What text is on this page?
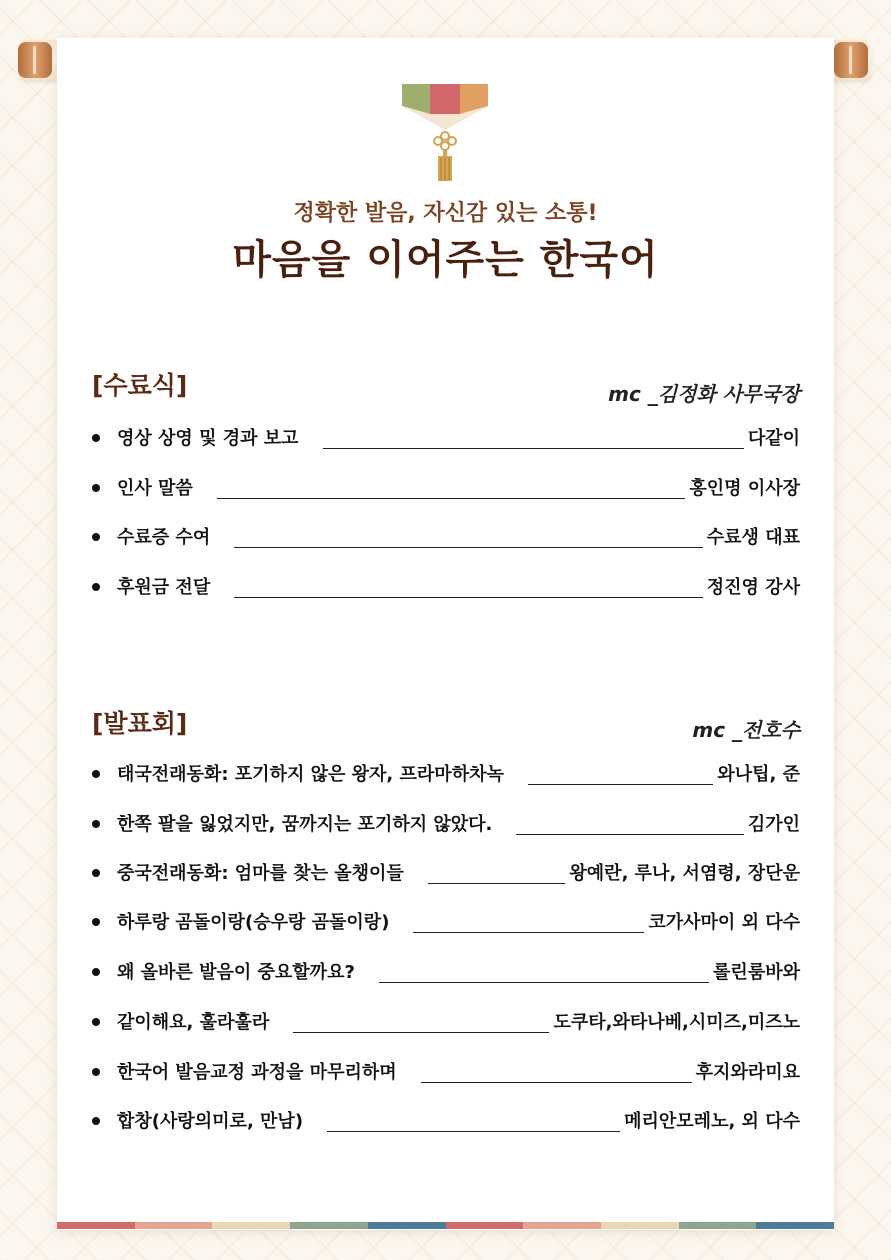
정확한 발음, 자신감 있는 소통!
마음을 이어주는 한국어
[수료식]	mc _김정화 사무국장
영상 상영 및 경과 보고	다같이
인사 말씀	홍인명 이사장
수료증 수여	수료생 대표
후원금 전달	정진영 강사
[발표회]	mc _전호수
태국전래동화: 포기하지 않은 왕자, 프라마하차녹	와나팁, 준
한쪽 팔을 잃었지만, 꿈까지는 포기하지 않았다.	김가인
중국전래동화: 엄마를 찾는 올챙이들	왕예란, 루나, 서염령, 장단운
하루랑 곰돌이랑(승우랑 곰돌이랑)	코가사마이 외 다수
왜 올바른 발음이 중요할까요?	롤린룸바와
같이해요, 훌라훌라	도쿠타,와타나베,시미즈,미즈노
한국어 발음교정 과정을 마무리하며	후지와라미요
합창(사랑의미로, 만남)	메리안모레노, 외 다수
